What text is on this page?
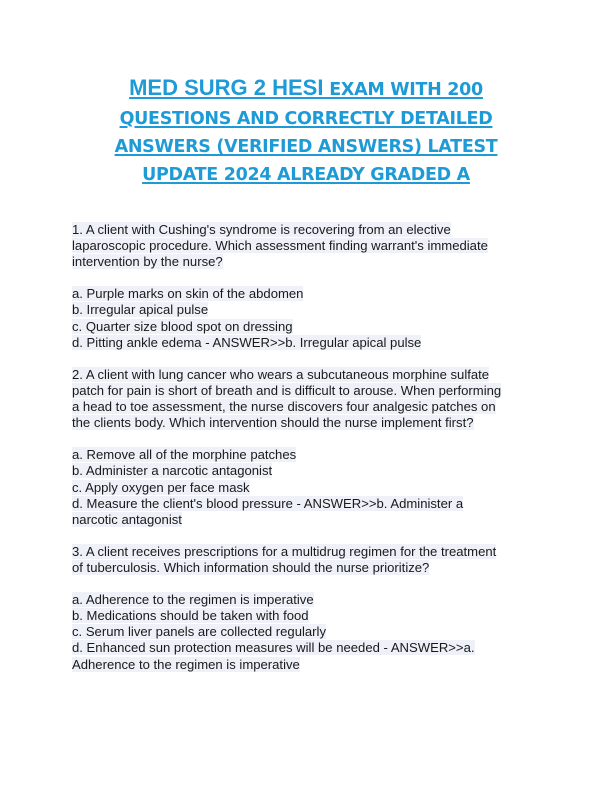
MED SURG 2 HESI EXAM WITH 200
QUESTIONS AND CORRECTLY DETAILED
ANSWERS (VERIFIED ANSWERS) LATEST
UPDATE 2024 ALREADY GRADED A

1. A client with Cushing's syndrome is recovering from an elective

laparoscopic procedure. Which assessment finding warrant's immediate

intervention by the nurse?

a. Purple marks on skin of the abdomen

b. Irregular apical pulse

c. Quarter size blood spot on dressing

d. Pitting ankle edema - ANSWER>>b. Irregular apical pulse

2. A client with lung cancer who wears a subcutaneous morphine sulfate

patch for pain is short of breath and is difficult to arouse. When performing

a head to toe assessment, the nurse discovers four analgesic patches on

the clients body. Which intervention should the nurse implement first?

a. Remove all of the morphine patches

b. Administer a narcotic antagonist

c. Apply oxygen per face mask

d. Measure the client's blood pressure - ANSWER>>b. Administer a

narcotic antagonist

3. A client receives prescriptions for a multidrug regimen for the treatment

of tuberculosis. Which information should the nurse prioritize?

a. Adherence to the regimen is imperative

b. Medications should be taken with food

c. Serum liver panels are collected regularly

d. Enhanced sun protection measures will be needed - ANSWER>>a.

Adherence to the regimen is imperative
